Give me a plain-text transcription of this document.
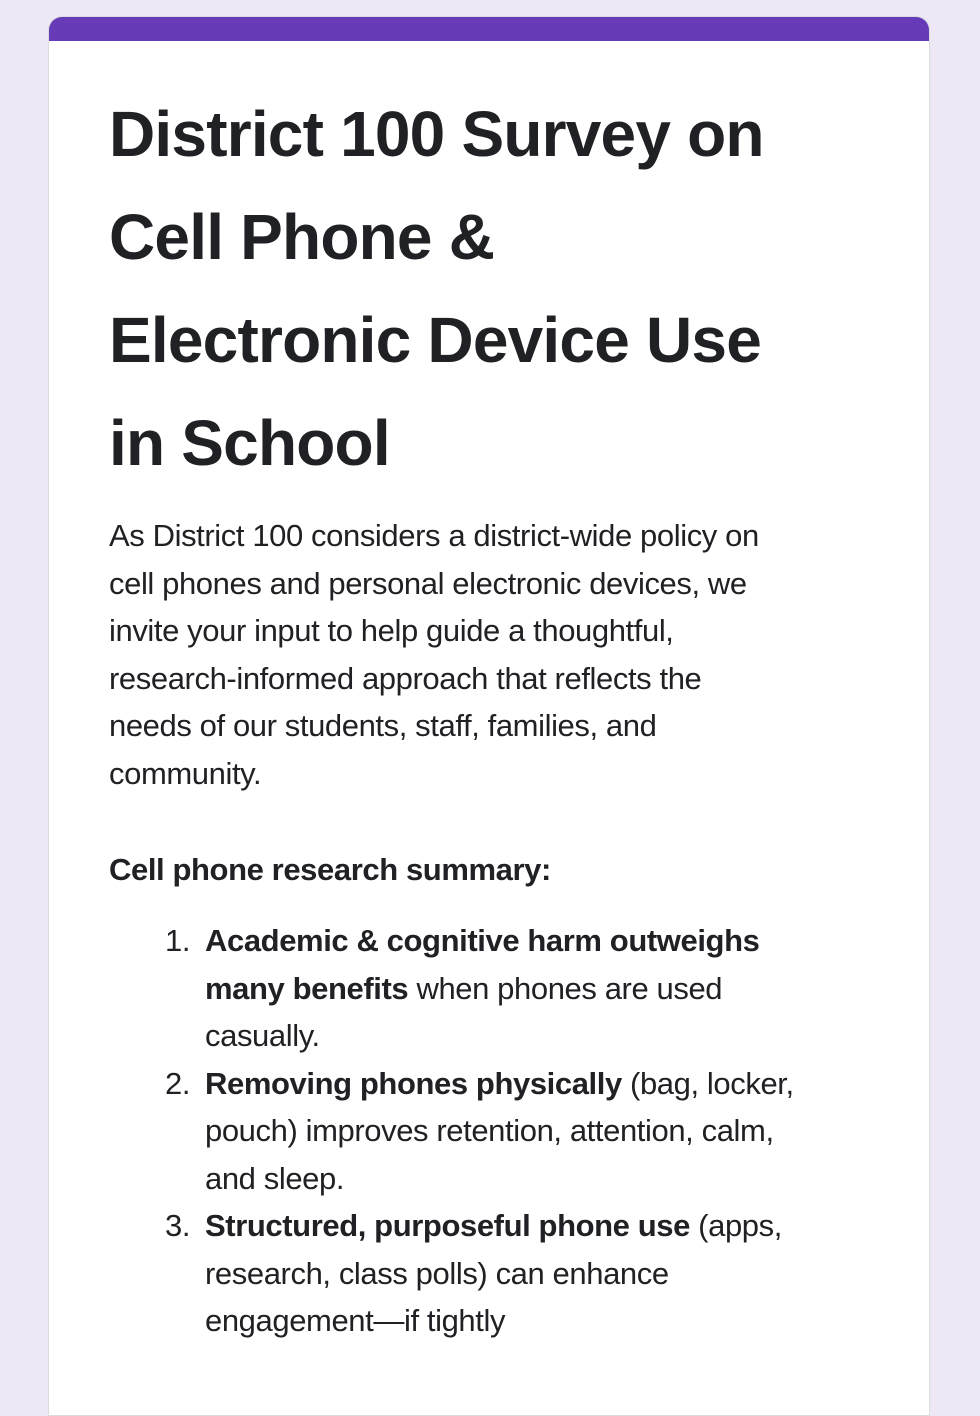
District 100 Survey on
Cell Phone &
Electronic Device Use
in School
As District 100 considers a district-wide policy on
cell phones and personal electronic devices, we
invite your input to help guide a thoughtful,
research-informed approach that reflects the
needs of our students, staff, families, and
community.
Cell phone research summary:
1. Academic & cognitive harm outweighs
many benefits when phones are used
casually.
2. Removing phones physically (bag, locker,
pouch) improves retention, attention, calm,
and sleep.
3. Structured, purposeful phone use (apps,
research, class polls) can enhance
engagement—if tightly
